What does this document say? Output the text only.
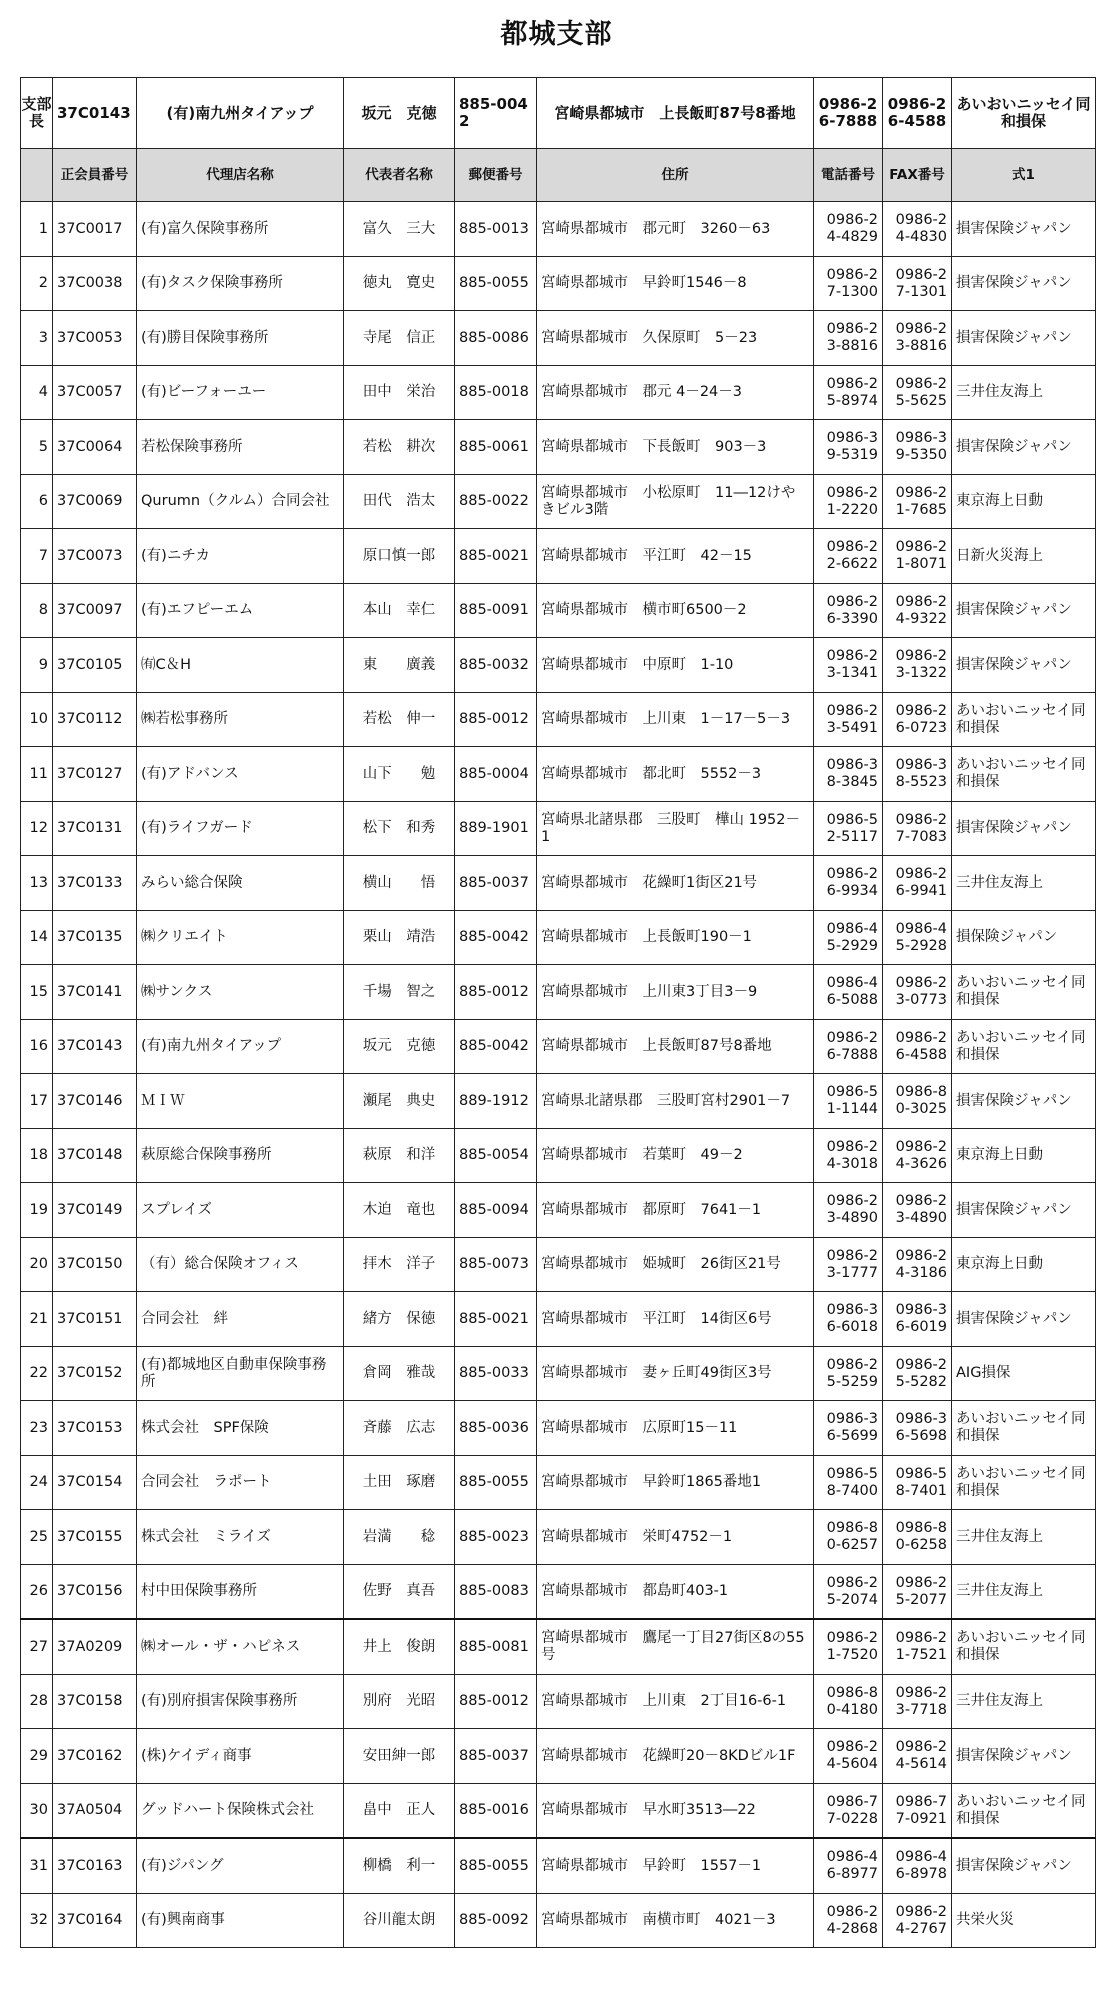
都城支部
支部長	37C0143	(有)南九州タイアップ	坂元　克徳	885-0042	宮崎県都城市　上長飯町87号8番地	0986-26-7888	0986-26-4588	あいおいニッセイ同和損保
	正会員番号	代理店名称	代表者名称	郵便番号	住所	電話番号	FAX番号	式1
1	37C0017	(有)富久保険事務所	富久　三大	885-0013	宮崎県都城市　郡元町　3260－63	0986-24-4829	0986-24-4830	損害保険ジャパン
2	37C0038	(有)タスク保険事務所	徳丸　寛史	885-0055	宮崎県都城市　早鈴町1546－8	0986-27-1300	0986-27-1301	損害保険ジャパン
3	37C0053	(有)勝目保険事務所	寺尾　信正	885-0086	宮崎県都城市　久保原町　5－23	0986-23-8816	0986-23-8816	損害保険ジャパン
4	37C0057	(有)ビーフォーユー	田中　栄治	885-0018	宮崎県都城市　郡元 4－24－3	0986-25-8974	0986-25-5625	三井住友海上
5	37C0064	若松保険事務所	若松　耕次	885-0061	宮崎県都城市　下長飯町　903－3	0986-39-5319	0986-39-5350	損害保険ジャパン
6	37C0069	Qurumn（クルム）合同会社	田代　浩太	885-0022	宮崎県都城市　小松原町　11―12けやきビル3階	0986-21-2220	0986-21-7685	東京海上日動
7	37C0073	(有)ニチカ	原口慎一郎	885-0021	宮崎県都城市　平江町　42－15	0986-22-6622	0986-21-8071	日新火災海上
8	37C0097	(有)エフピーエム	本山　幸仁	885-0091	宮崎県都城市　横市町6500－2	0986-26-3390	0986-24-9322	損害保険ジャパン
9	37C0105	㈲C＆H	東　　廣義	885-0032	宮崎県都城市　中原町　1-10	0986-23-1341	0986-23-1322	損害保険ジャパン
10	37C0112	㈱若松事務所	若松　伸一	885-0012	宮崎県都城市　上川東　1－17－5－3	0986-23-5491	0986-26-0723	あいおいニッセイ同和損保
11	37C0127	(有)アドバンス	山下　　勉	885-0004	宮崎県都城市　都北町　5552－3	0986-38-3845	0986-38-5523	あいおいニッセイ同和損保
12	37C0131	(有)ライフガード	松下　和秀	889-1901	宮崎県北諸県郡　三股町　樺山 1952－1	0986-52-5117	0986-27-7083	損害保険ジャパン
13	37C0133	みらい総合保険	横山　　悟	885-0037	宮崎県都城市　花繰町1街区21号	0986-26-9934	0986-26-9941	三井住友海上
14	37C0135	㈱クリエイト	栗山　靖浩	885-0042	宮崎県都城市　上長飯町190－1	0986-45-2929	0986-45-2928	損保険ジャパン
15	37C0141	㈱サンクス	千場　智之	885-0012	宮崎県都城市　上川東3丁目3－9	0986-46-5088	0986-23-0773	あいおいニッセイ同和損保
16	37C0143	(有)南九州タイアップ	坂元　克徳	885-0042	宮崎県都城市　上長飯町87号8番地	0986-26-7888	0986-26-4588	あいおいニッセイ同和損保
17	37C0146	ＭＩＷ	瀬尾　典史	889-1912	宮崎県北諸県郡　三股町宮村2901－7	0986-51-1144	0986-80-3025	損害保険ジャパン
18	37C0148	萩原総合保険事務所	萩原　和洋	885-0054	宮崎県都城市　若葉町　49－2	0986-24-3018	0986-24-3626	東京海上日動
19	37C0149	スプレイズ	木迫　竜也	885-0094	宮崎県都城市　都原町　7641－1	0986-23-4890	0986-23-4890	損害保険ジャパン
20	37C0150	（有）総合保険オフィス	拝木　洋子	885-0073	宮崎県都城市　姫城町　26街区21号	0986-23-1777	0986-24-3186	東京海上日動
21	37C0151	合同会社　絆	緒方　保徳	885-0021	宮崎県都城市　平江町　14街区6号	0986-36-6018	0986-36-6019	損害保険ジャパン
22	37C0152	(有)都城地区自動車保険事務所	倉岡　雅哉	885-0033	宮崎県都城市　妻ヶ丘町49街区3号	0986-25-5259	0986-25-5282	AIG損保
23	37C0153	株式会社　SPF保険	斉藤　広志	885-0036	宮崎県都城市　広原町15－11	0986-36-5699	0986-36-5698	あいおいニッセイ同和損保
24	37C0154	合同会社　ラポート	土田　琢磨	885-0055	宮崎県都城市　早鈴町1865番地1	0986-58-7400	0986-58-7401	あいおいニッセイ同和損保
25	37C0155	株式会社　ミライズ	岩満　　稔	885-0023	宮崎県都城市　栄町4752－1	0986-80-6257	0986-80-6258	三井住友海上
26	37C0156	村中田保険事務所	佐野　真吾	885-0083	宮崎県都城市　都島町403-1	0986-25-2074	0986-25-2077	三井住友海上
27	37A0209	㈱オール・ザ・ハピネス	井上　俊朗	885-0081	宮崎県都城市　鷹尾一丁目27街区8の55号	0986-21-7520	0986-21-7521	あいおいニッセイ同和損保
28	37C0158	(有)別府損害保険事務所	別府　光昭	885-0012	宮崎県都城市　上川東　2丁目16-6-1	0986-80-4180	0986-23-7718	三井住友海上
29	37C0162	(株)ケイディ商事	安田紳一郎	885-0037	宮崎県都城市　花繰町20－8KDビル1F	0986-24-5604	0986-24-5614	損害保険ジャパン
30	37A0504	グッドハート保険株式会社	畠中　正人	885-0016	宮崎県都城市　早水町3513―22	0986-77-0228	0986-77-0921	あいおいニッセイ同和損保
31	37C0163	(有)ジパング	柳橋　利一	885-0055	宮崎県都城市　早鈴町　1557－1	0986-46-8977	0986-46-8978	損害保険ジャパン
32	37C0164	(有)興南商事	谷川龍太朗	885-0092	宮崎県都城市　南横市町　4021－3	0986-24-2868	0986-24-2767	共栄火災
